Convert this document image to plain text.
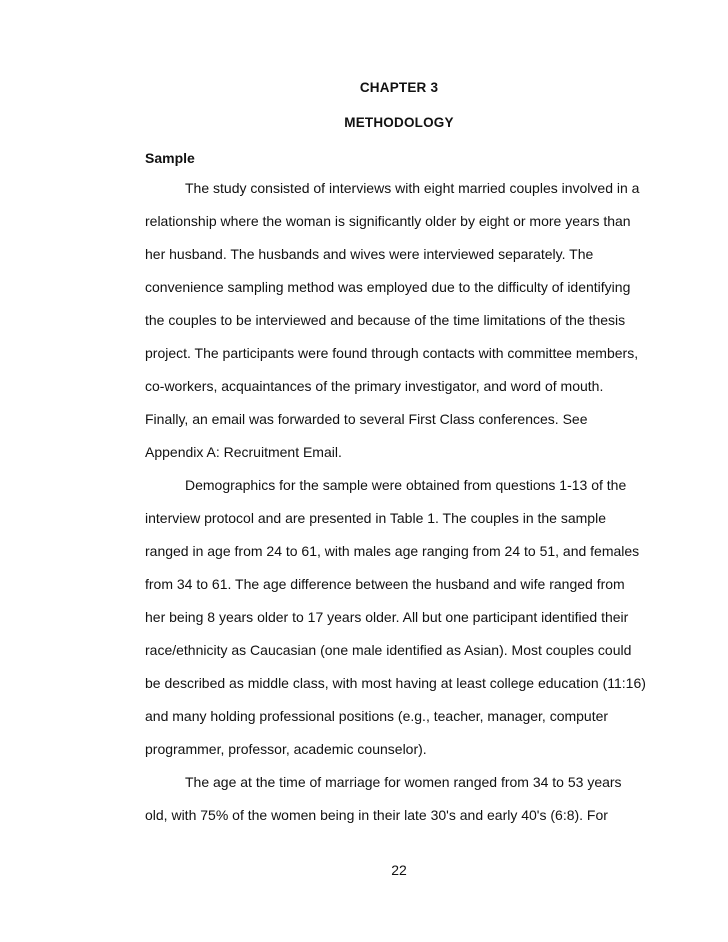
CHAPTER 3
METHODOLOGY
Sample
The study consisted of interviews with eight married couples involved in a
relationship where the woman is significantly older by eight or more years than
her husband. The husbands and wives were interviewed separately. The
convenience sampling method was employed due to the difficulty of identifying
the couples to be interviewed and because of the time limitations of the thesis
project. The participants were found through contacts with committee members,
co-workers, acquaintances of the primary investigator, and word of mouth.
Finally, an email was forwarded to several First Class conferences. See
Appendix A: Recruitment Email.
Demographics for the sample were obtained from questions 1-13 of the
interview protocol and are presented in Table 1. The couples in the sample
ranged in age from 24 to 61, with males age ranging from 24 to 51, and females
from 34 to 61. The age difference between the husband and wife ranged from
her being 8 years older to 17 years older. All but one participant identified their
race/ethnicity as Caucasian (one male identified as Asian). Most couples could
be described as middle class, with most having at least college education (11:16)
and many holding professional positions (e.g., teacher, manager, computer
programmer, professor, academic counselor).
The age at the time of marriage for women ranged from 34 to 53 years
old, with 75% of the women being in their late 30's and early 40's (6:8). For
22
